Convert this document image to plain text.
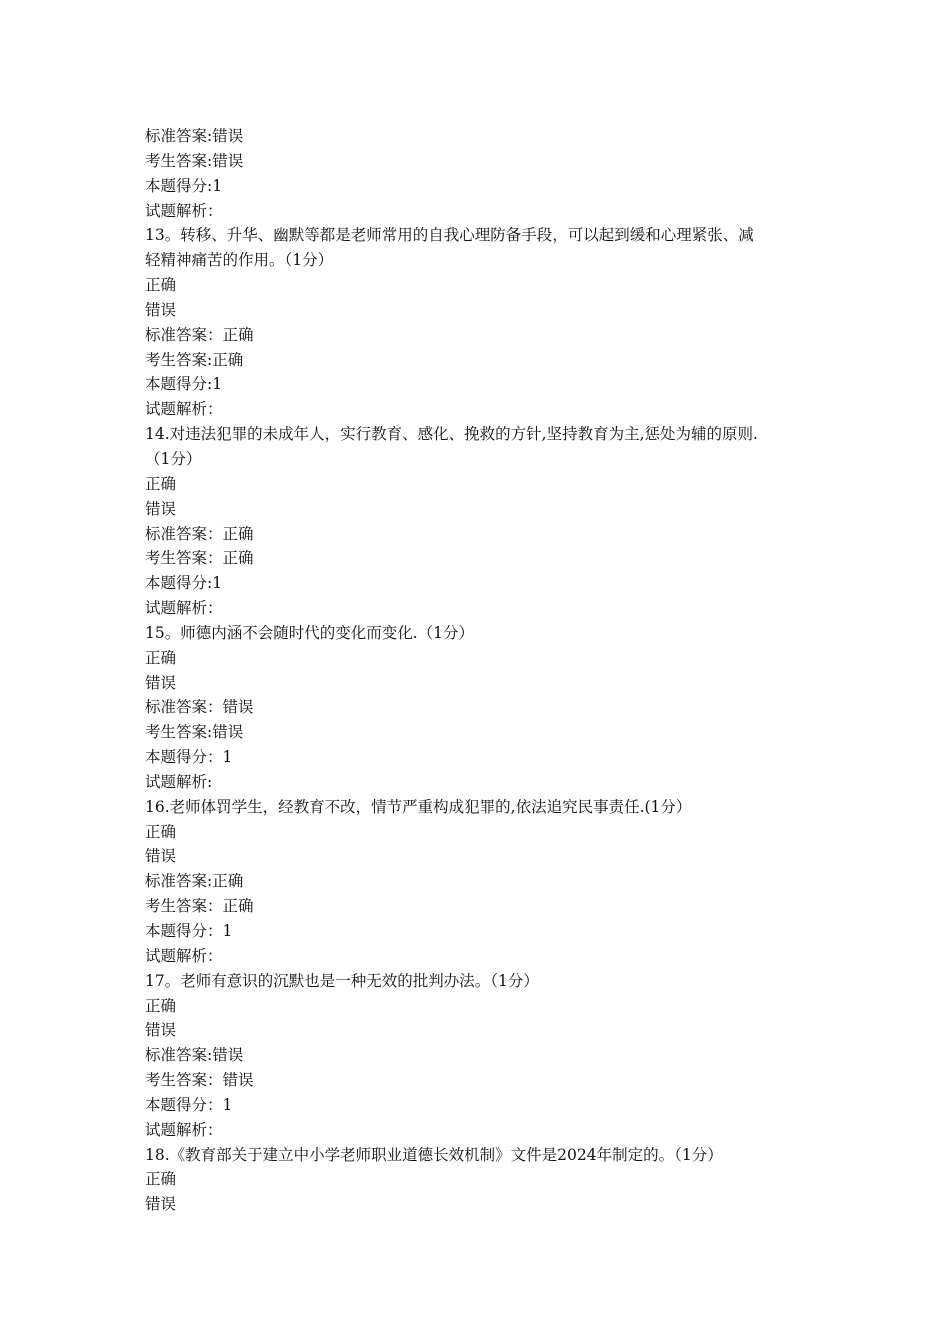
标准答案:错误

考生答案:错误

本题得分:1

试题解析：

13。转移、升华、幽默等都是老师常用的自我心理防备手段，可以起到缓和心理紧张、减

轻精神痛苦的作用。（1分）

正确

错误

标准答案：正确

考生答案:正确

本题得分:1

试题解析：

14.对违法犯罪的未成年人，实行教育、感化、挽救的方针,坚持教育为主,惩处为辅的原则.

（1分）

正确

错误

标准答案：正确

考生答案：正确

本题得分:1

试题解析：

15。师德内涵不会随时代的变化而变化.（1分）

正确

错误

标准答案：错误

考生答案:错误

本题得分：1

试题解析:

16.老师体罚学生，经教育不改，情节严重构成犯罪的,依法追究民事责任.(1分）

正确

错误

标准答案:正确

考生答案：正确

本题得分：1

试题解析：

17。老师有意识的沉默也是一种无效的批判办法。（1分）

正确

错误

标准答案:错误

考生答案：错误

本题得分：1

试题解析：

18.《教育部关于建立中小学老师职业道德长效机制》文件是2024年制定的。（1分）

正确

错误
